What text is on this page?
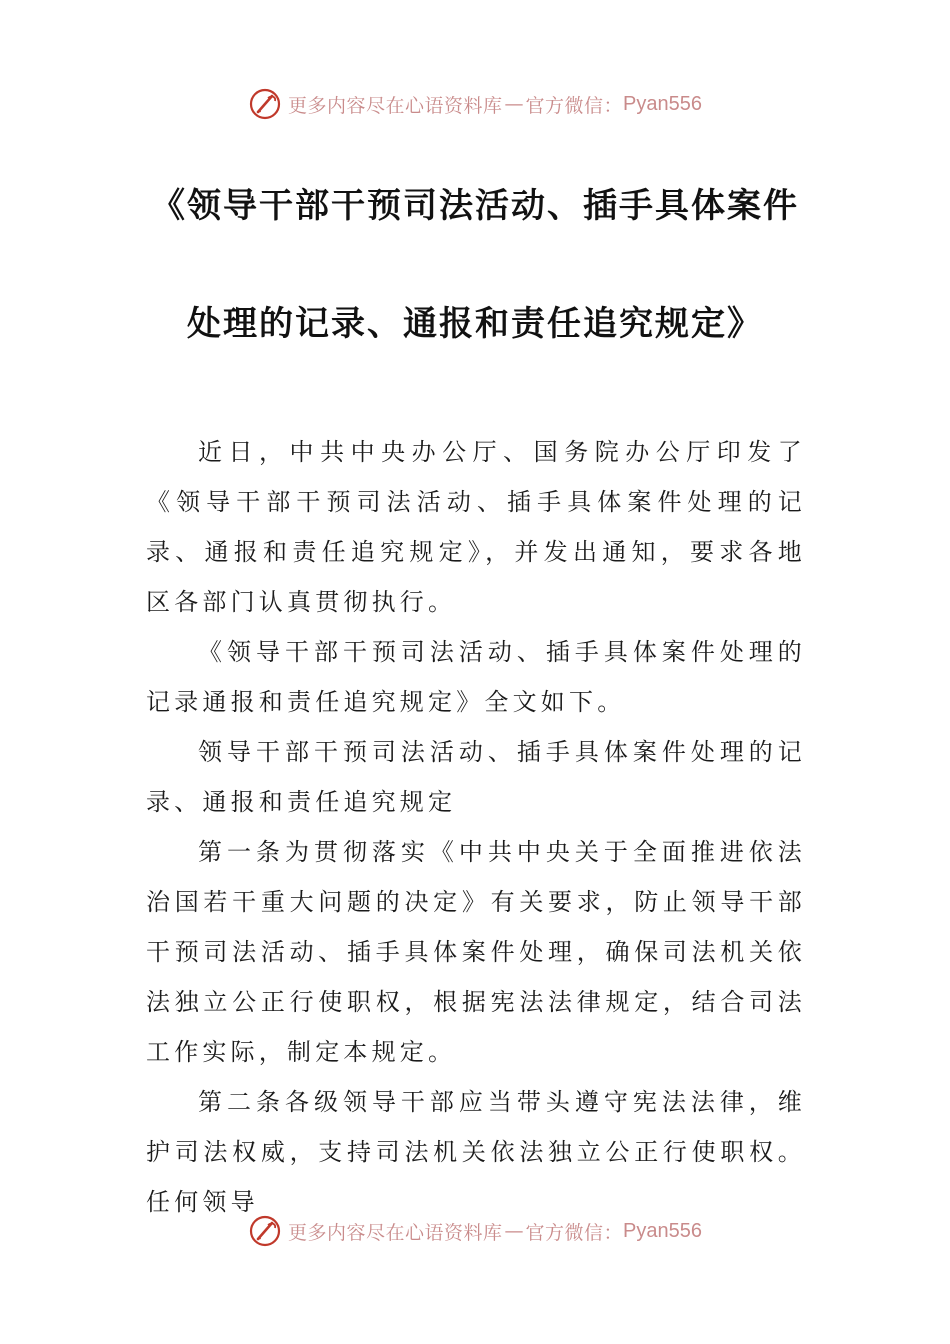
更多内容尽在心语资料库 — 官方微信： Pyan556
《领导干部干预司法活动、插手具体案件
处理的记录、通报和责任追究规定》

近日，中共中央办公厅、国务院办公厅印发了《领导干部干预司法活动、插手具体案件处理的记录、通报和责任追究规定》，并发出通知，要求各地区各部门认真贯彻执行。

《领导干部干预司法活动、插手具体案件处理的记录通报和责任追究规定》全文如下。

领导干部干预司法活动、插手具体案件处理的记录、通报和责任追究规定

第一条为贯彻落实《中共中央关于全面推进依法治国若干重大问题的决定》有关要求，防止领导干部干预司法活动、插手具体案件处理，确保司法机关依法独立公正行使职权，根据宪法法律规定，结合司法工作实际，制定本规定。

第二条各级领导干部应当带头遵守宪法法律，维护司法权威，支持司法机关依法独立公正行使职权。任何领导

更多内容尽在心语资料库 — 官方微信： Pyan556
